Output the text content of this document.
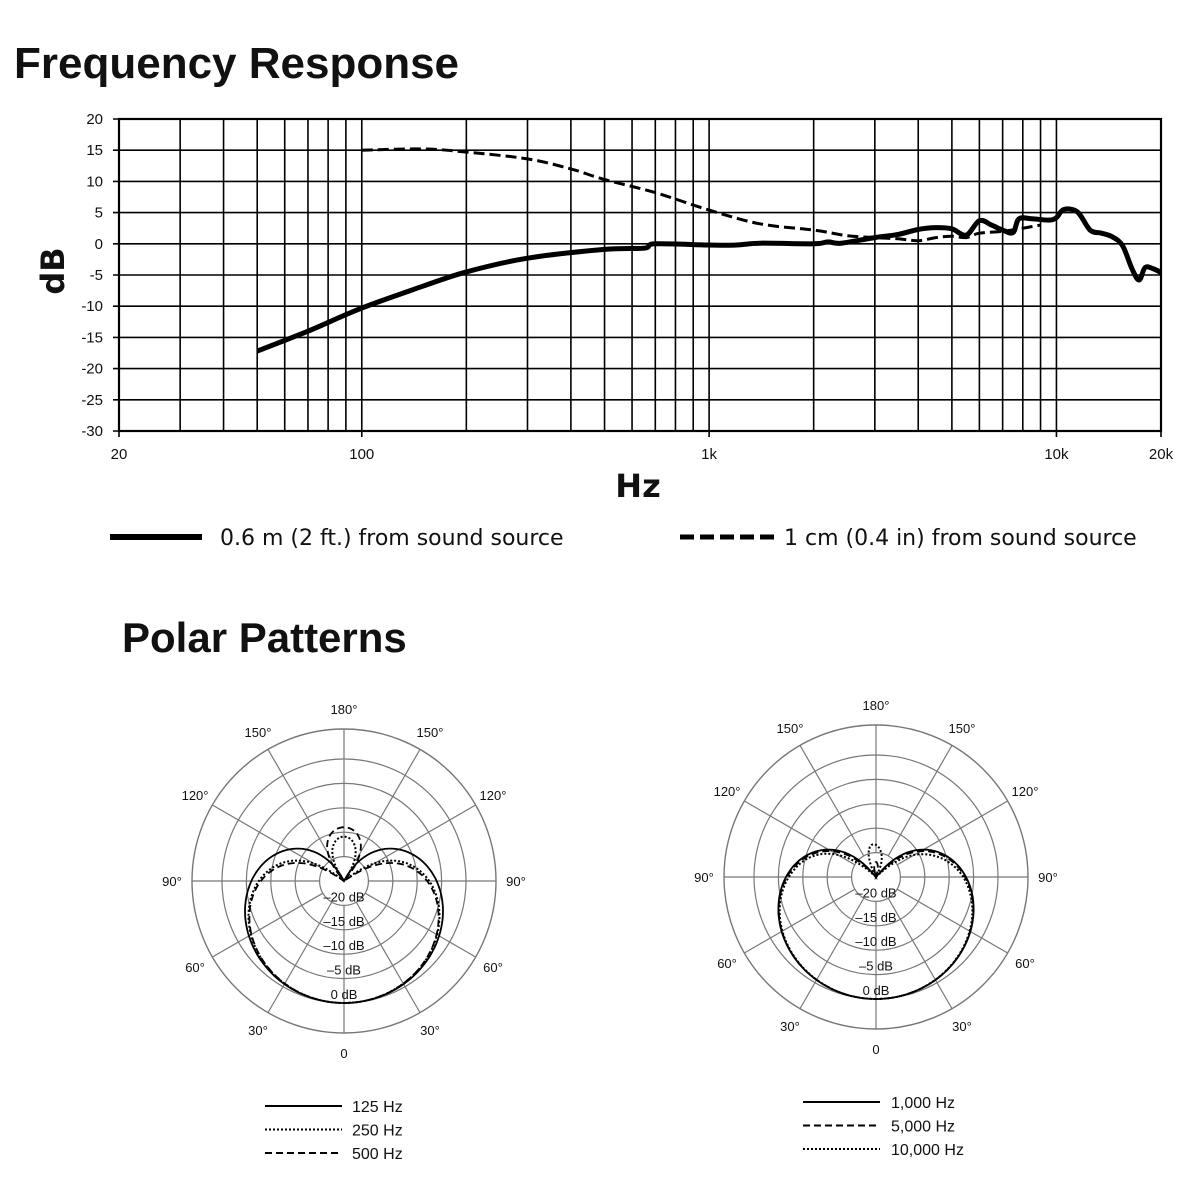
Frequency Response
Hz
dB
20
15
10
5
0
-5
-10
-15
-20
-25
-30
20	100	1k	10k	20k
0.6 m (2 ft.) from sound source	1 cm (0.4 in) from sound source
Polar Patterns
180°
150°	150°
120°	120°
90°	90°
60°	60°
30°	30°
0
0 dB
–5 dB
–10 dB
–15 dB
–20 dB
125 Hz
250 Hz
500 Hz
180°
150°	150°
120°	120°
90°	90°
60°	60°
30°	30°
0
0 dB
–5 dB
–10 dB
–15 dB
–20 dB
1,000 Hz
5,000 Hz
10,000 Hz
